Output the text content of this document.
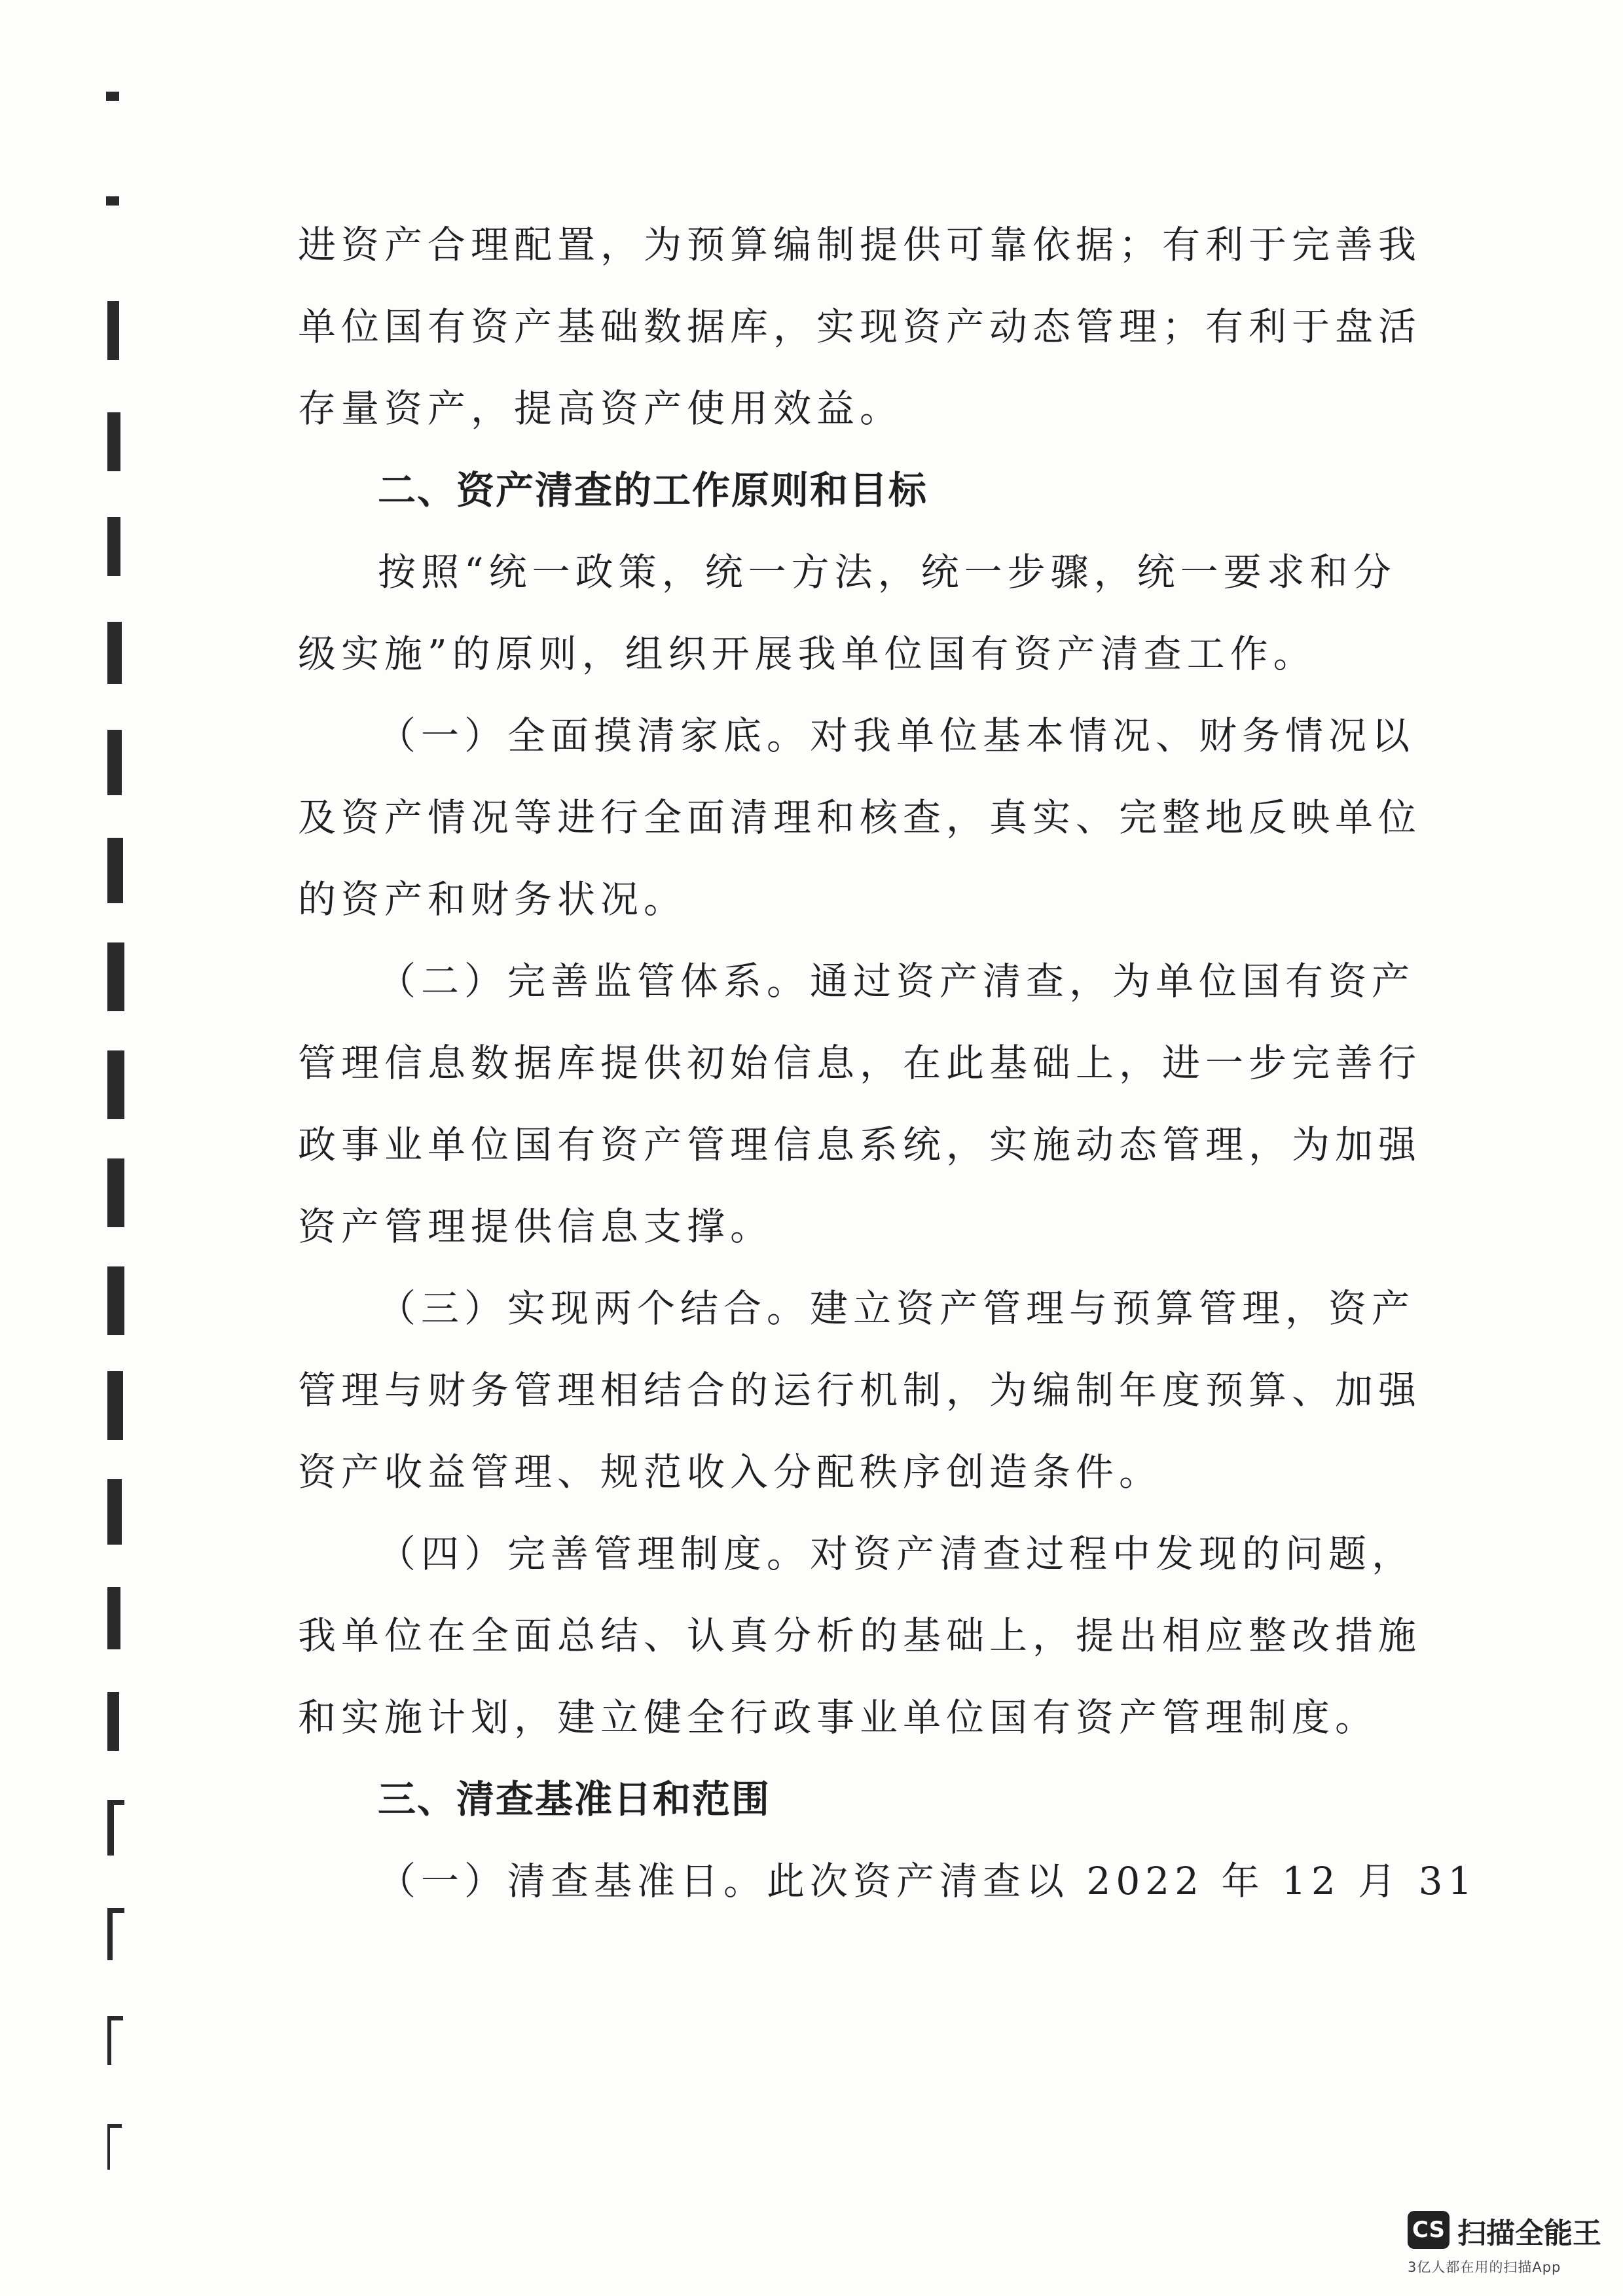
进资产合理配置，为预算编制提供可靠依据；有利于完善我
单位国有资产基础数据库，实现资产动态管理；有利于盘活
存量资产，提高资产使用效益。
二、资产清查的工作原则和目标
按照“统一政策，统一方法，统一步骤，统一要求和分
级实施”的原则，组织开展我单位国有资产清查工作。
（一）全面摸清家底。对我单位基本情况、财务情况以
及资产情况等进行全面清理和核查，真实、完整地反映单位
的资产和财务状况。
（二）完善监管体系。通过资产清查，为单位国有资产
管理信息数据库提供初始信息，在此基础上，进一步完善行
政事业单位国有资产管理信息系统，实施动态管理，为加强
资产管理提供信息支撑。
（三）实现两个结合。建立资产管理与预算管理，资产
管理与财务管理相结合的运行机制，为编制年度预算、加强
资产收益管理、规范收入分配秩序创造条件。
（四）完善管理制度。对资产清查过程中发现的问题，
我单位在全面总结、认真分析的基础上，提出相应整改措施
和实施计划，建立健全行政事业单位国有资产管理制度。
三、清查基准日和范围
（一）清查基准日。此次资产清查以 2022 年 12 月 31
CS 扫描全能王
3亿人都在用的扫描App
